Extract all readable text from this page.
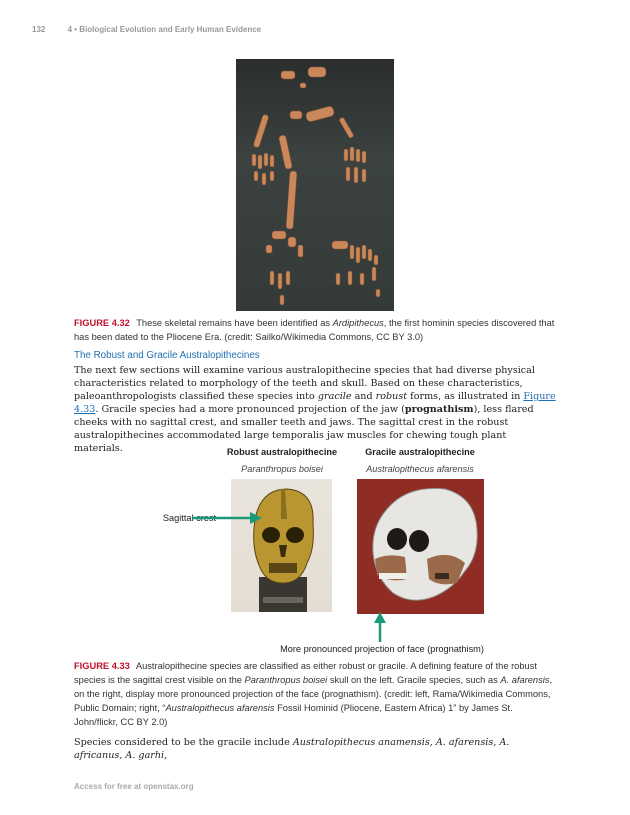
132	4 • Biological Evolution and Early Human Evidence
FIGURE 4.32 These skeletal remains have been identified as Ardipithecus, the first hominin species discovered that has been dated to the Pliocene Era. (credit: Sailko/Wikimedia Commons, CC BY 3.0)
The Robust and Gracile Australopithecines
The next few sections will examine various australopithecine species that had diverse physical characteristics related to morphology of the teeth and skull. Based on these characteristics, paleoanthropologists classified these species into gracile and robust forms, as illustrated in Figure 4.33. Gracile species had a more pronounced projection of the jaw (prognathism), less flared cheeks with no sagittal crest, and smaller teeth and jaws. The sagittal crest in the robust australopithecines accommodated large temporalis jaw muscles for chewing tough plant materials.	Robust australopithecine
Paranthropus boisei
Gracile australopithecine
Australopithecus afarensis
Sagittal crest
More pronounced projection of face (prognathism)
FIGURE 4.33 Australopithecine species are classified as either robust or gracile. A defining feature of the robust species is the sagittal crest visible on the Paranthropus boisei skull on the left. Gracile species, such as A. afarensis, on the right, display more pronounced projection of the face (prognathism). (credit: left, Rama/Wikimedia Commons, Public Domain; right, “Australopithecus afarensis Fossil Hominid (Pliocene, Eastern Africa) 1” by James St. John/flickr, CC BY 2.0)
Species considered to be the gracile include Australopithecus anamensis, A. afarensis, A. africanus, A. garhi,
Access for free at openstax.org
